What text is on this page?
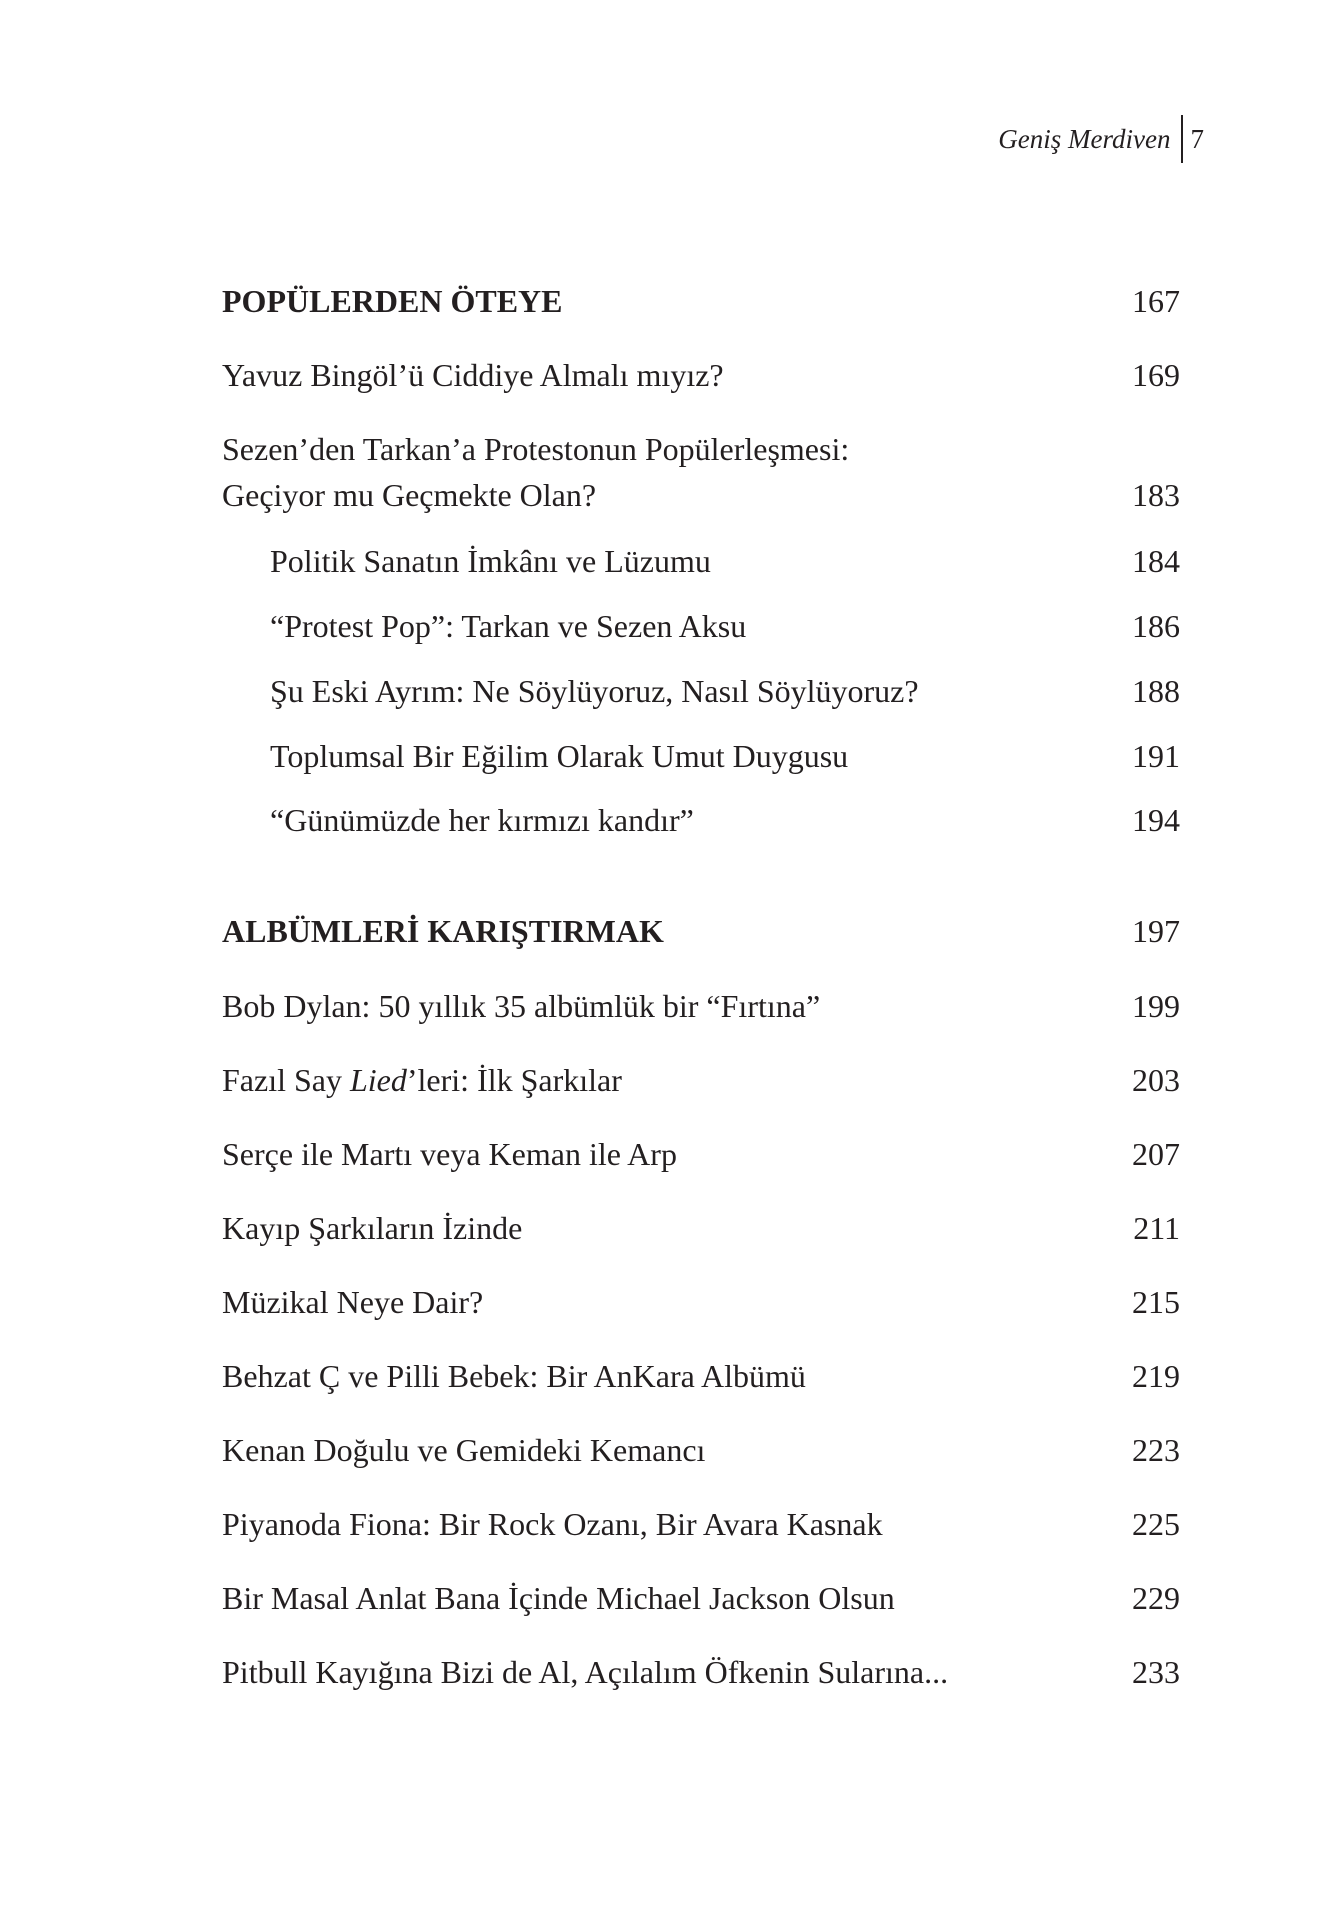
Geniş Merdiven 7
POPÜLERDEN ÖTEYE	167
Yavuz Bingöl’ü Ciddiye Almalı mıyız?	169
Sezen’den Tarkan’a Protestonun Popülerleşmesi:
Geçiyor mu Geçmekte Olan?	183
Politik Sanatın İmkânı ve Lüzumu	184
“Protest Pop”: Tarkan ve Sezen Aksu	186
Şu Eski Ayrım: Ne Söylüyoruz, Nasıl Söylüyoruz?	188
Toplumsal Bir Eğilim Olarak Umut Duygusu	191
“Günümüzde her kırmızı kandır”	194
ALBÜMLERİ KARIŞTIRMAK	197
Bob Dylan: 50 yıllık 35 albümlük bir “Fırtına”	199
Fazıl Say Lied’leri: İlk Şarkılar	203
Serçe ile Martı veya Keman ile Arp	207
Kayıp Şarkıların İzinde	211
Müzikal Neye Dair?	215
Behzat Ç ve Pilli Bebek: Bir AnKara Albümü	219
Kenan Doğulu ve Gemideki Kemancı	223
Piyanoda Fiona: Bir Rock Ozanı, Bir Avara Kasnak	225
Bir Masal Anlat Bana İçinde Michael Jackson Olsun	229
Pitbull Kayığına Bizi de Al, Açılalım Öfkenin Sularına...	233
